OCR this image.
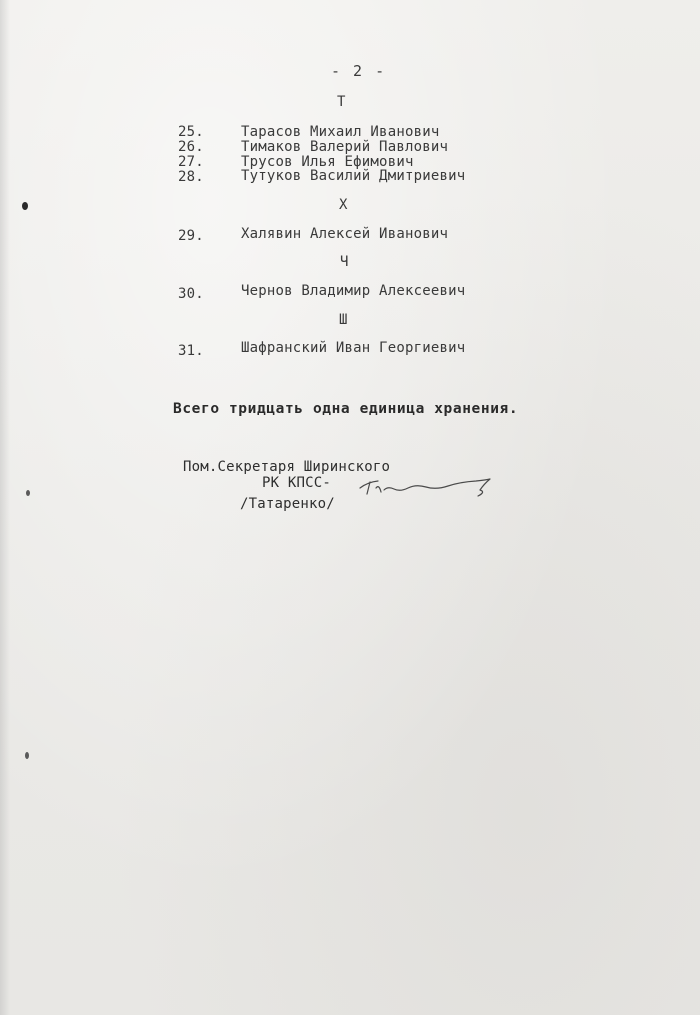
- 2 -
Т
25.	Тарасов Михаил Иванович
26.	Тимаков Валерий Павлович
27.	Трусов Илья Ефимович
28.	Тутуков Василий Дмитриевич
Х
29.	Халявин Алексей Иванович
Ч
30.	Чернов Владимир Алексеевич
Ш
31.	Шафранский Иван Георгиевич
Всего тридцать одна единица хранения.
Пом.Секретаря Ширинского
РК КПСС-
/Татаренко/
